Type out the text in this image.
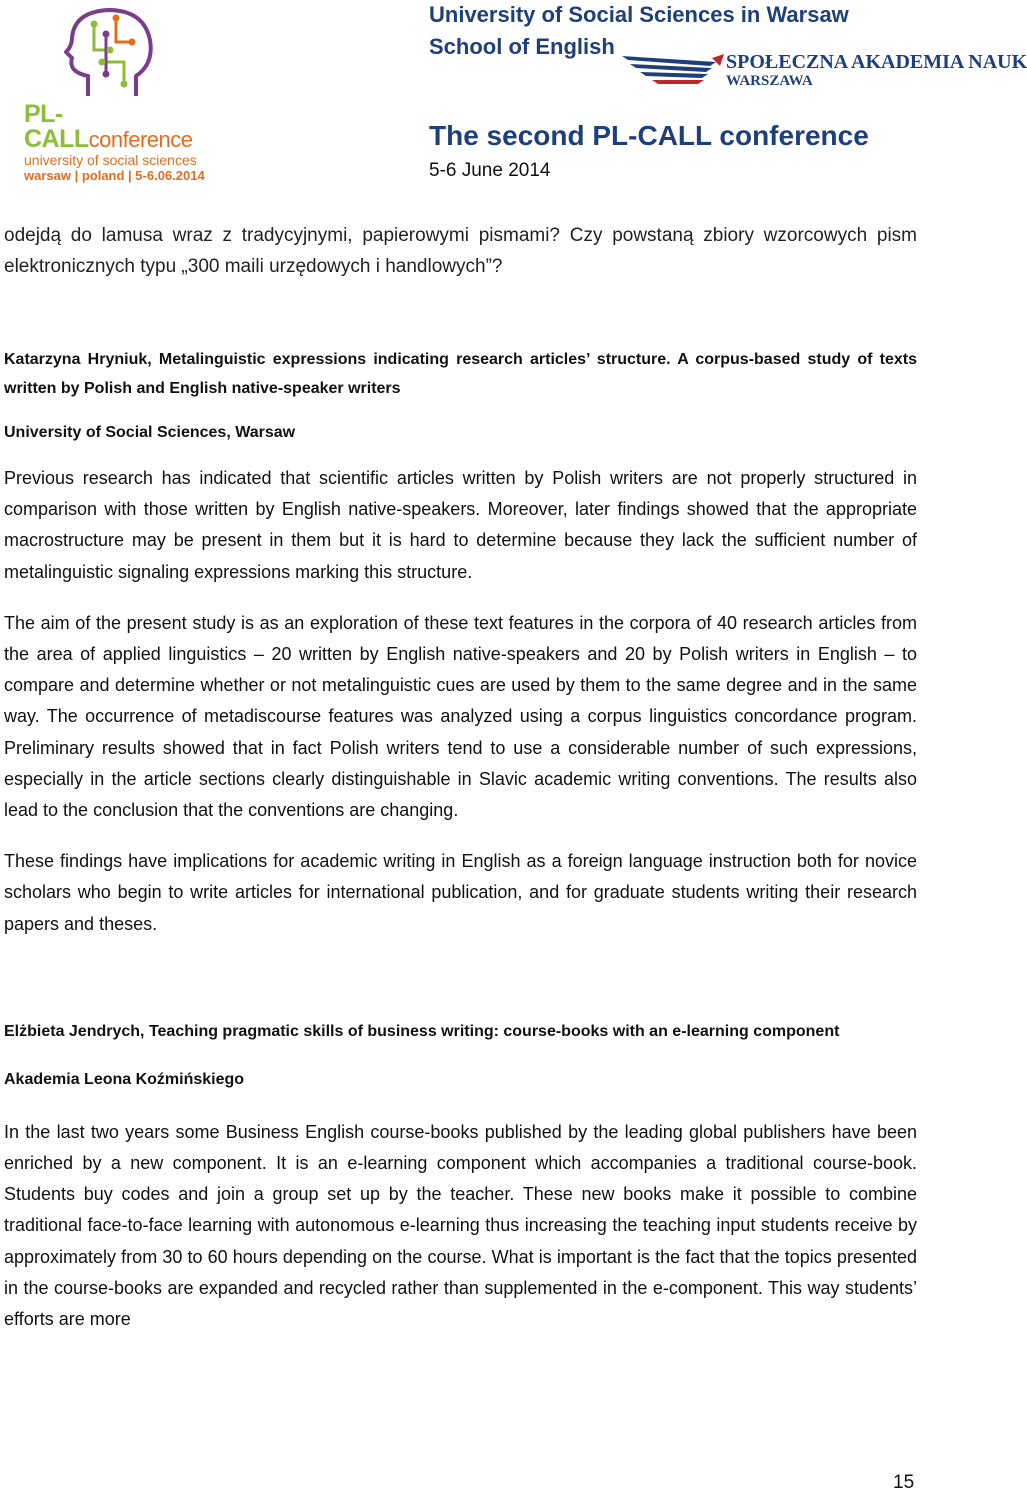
PL-CALLconference
university of social sciences
warsaw | poland | 5-6.06.2014
University of Social Sciences in Warsaw
School of English
SPOŁECZNA AKADEMIA NAUK
WARSZAWA
The second PL-CALL conference
5-6 June 2014

odejdą do lamusa wraz z tradycyjnymi, papierowymi pismami? Czy powstaną zbiory wzorcowych pism elektronicznych typu „300 maili urzędowych i handlowych”?

Katarzyna Hryniuk, Metalinguistic expressions indicating research articles’ structure. A corpus-based study of texts written by Polish and English native-speaker writers

University of Social Sciences, Warsaw

Previous research has indicated that scientific articles written by Polish writers are not properly structured in comparison with those written by English native-speakers. Moreover, later findings showed that the appropriate macrostructure may be present in them but it is hard to determine because they lack the sufficient number of metalinguistic signaling expressions marking this structure.

The aim of the present study is as an exploration of these text features in the corpora of 40 research articles from the area of applied linguistics – 20 written by English native-speakers and 20 by Polish writers in English – to compare and determine whether or not metalinguistic cues are used by them to the same degree and in the same way. The occurrence of metadiscourse features was analyzed using a corpus linguistics concordance program. Preliminary results showed that in fact Polish writers tend to use a considerable number of such expressions, especially in the article sections clearly distinguishable in Slavic academic writing conventions. The results also lead to the conclusion that the conventions are changing.

These findings have implications for academic writing in English as a foreign language instruction both for novice scholars who begin to write articles for international publication, and for graduate students writing their research papers and theses.

Elżbieta Jendrych, Teaching pragmatic skills of business writing: course-books with an e-learning component

Akademia Leona Koźmińskiego

In the last two years some Business English course-books published by the leading global publishers have been enriched by a new component. It is an e-learning component which accompanies a traditional course-book. Students buy codes and join a group set up by the teacher. These new books make it possible to combine traditional face-to-face learning with autonomous e-learning thus increasing the teaching input students receive by approximately from 30 to 60 hours depending on the course. What is important is the fact that the topics presented in the course-books are expanded and recycled rather than supplemented in the e-component. This way students’ efforts are more

15
